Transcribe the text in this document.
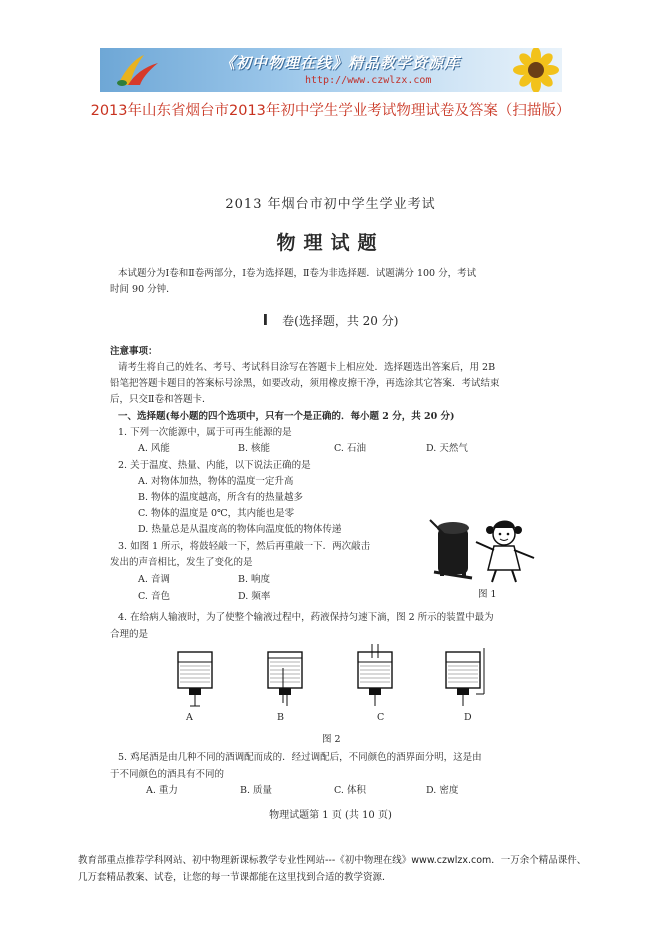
《初中物理在线》精品教学资源库
http://www.czwlzx.com
2013年山东省烟台市2013年初中学生学业考试物理试卷及答案（扫描版）
2013 年烟台市初中学生学业考试
物理试题
本试题分为Ⅰ卷和Ⅱ卷两部分，Ⅰ卷为选择题，Ⅱ卷为非选择题．试题满分 100 分，考试
时间 90 分钟．
Ⅰ 卷(选择题，共 20 分)
注意事项：
请考生将自己的姓名、考号、考试科目涂写在答题卡上相应处．选择题选出答案后，用 2B
铅笔把答题卡题目的答案标号涂黑，如要改动，须用橡皮擦干净，再选涂其它答案．考试结束
后，只交Ⅱ卷和答题卡．
一、选择题(每小题的四个选项中，只有一个是正确的．每小题 2 分，共 20 分)
1. 下列一次能源中，属于可再生能源的是
A. 风能	B. 核能	C. 石油	D. 天然气
2. 关于温度、热量、内能，以下说法正确的是
A. 对物体加热，物体的温度一定升高
B. 物体的温度越高，所含有的热量越多
C. 物体的温度是 0℃，其内能也是零
D. 热量总是从温度高的物体向温度低的物体传递
3. 如图 1 所示，将鼓轻敲一下，然后再重敲一下．两次敲击
发出的声音相比，发生了变化的是
A. 音调	B. 响度
C. 音色	D. 频率	图 1
4. 在给病人输液时，为了使整个输液过程中，药液保持匀速下滴，图 2 所示的装置中最为
合理的是
A	B	C	D
图 2
5. 鸡尾酒是由几种不同的酒调配而成的．经过调配后，不同颜色的酒界面分明，这是由
于不同颜色的酒具有不同的
A. 重力	B. 质量	C. 体积	D. 密度
物理试题第 1 页 (共 10 页)
教育部重点推荐学科网站、初中物理新课标教学专业性网站---《初中物理在线》www.czwlzx.com．一万余个精品课件、几万套精品教案、试卷，让您的每一节课都能在这里找到合适的教学资源．
